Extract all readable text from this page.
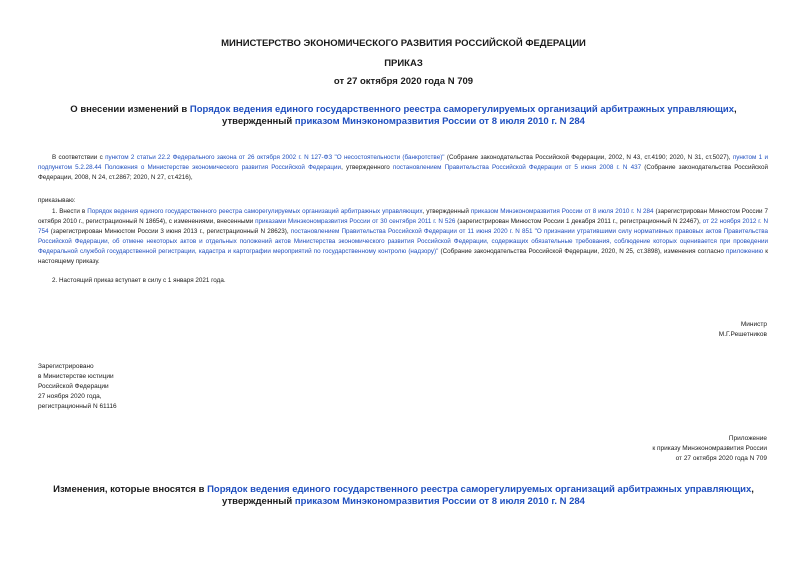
МИНИСТЕРСТВО ЭКОНОМИЧЕСКОГО РАЗВИТИЯ РОССИЙСКОЙ ФЕДЕРАЦИИ
ПРИКАЗ
от 27 октября 2020 года N 709
О внесении изменений в Порядок ведения единого государственного реестра саморегулируемых организаций арбитражных управляющих, утвержденный приказом Минэкономразвития России от 8 июля 2010 г. N 284
В соответствии с пунктом 2 статьи 22.2 Федерального закона от 26 октября 2002 г. N 127-ФЗ "О несостоятельности (банкротстве)" (Собрание законодательства Российской Федерации, 2002, N 43, ст.4190; 2020, N 31, ст.5027), пунктом 1 и подпунктом 5.2.28.44 Положения о Министерстве экономического развития Российской Федерации, утвержденного постановлением Правительства Российской Федерации от 5 июня 2008 г. N 437 (Собрание законодательства Российской Федерации, 2008, N 24, ст.2867; 2020, N 27, ст.4216),
приказываю:
1. Внести в Порядок ведения единого государственного реестра саморегулируемых организаций арбитражных управляющих, утвержденный приказом Минэкономразвития России от 8 июля 2010 г. N 284 (зарегистрирован Минюстом России 7 октября 2010 г., регистрационный N 18654), с изменениями, внесенными приказами Минэкономразвития России от 30 сентября 2011 г. N 526 (зарегистрирован Минюстом России 1 декабря 2011 г., регистрационный N 22467), от 22 ноября 2012 г. N 754 (зарегистрирован Минюстом России 3 июня 2013 г., регистрационный N 28623), постановлением Правительства Российской Федерации от 11 июня 2020 г. N 851 "О признании утратившими силу нормативных правовых актов Правительства Российской Федерации, об отмене некоторых актов и отдельных положений актов Министерства экономического развития Российской Федерации, содержащих обязательные требования, соблюдение которых оценивается при проведении Федеральной службой государственной регистрации, кадастра и картографии мероприятий по государственному контролю (надзору)" (Собрание законодательства Российской Федерации, 2020, N 25, ст.3898), изменения согласно приложению к настоящему приказу.
2. Настоящий приказ вступает в силу с 1 января 2021 года.
Министр
М.Г.Решетников
Зарегистрировано
в Министерстве юстиции
Российской Федерации
27 ноября 2020 года,
регистрационный N 61116
Приложение
к приказу Минэкономразвития России
от 27 октября 2020 года N 709
Изменения, которые вносятся в Порядок ведения единого государственного реестра саморегулируемых организаций арбитражных управляющих, утвержденный приказом Минэкономразвития России от 8 июля 2010 г. N 284
